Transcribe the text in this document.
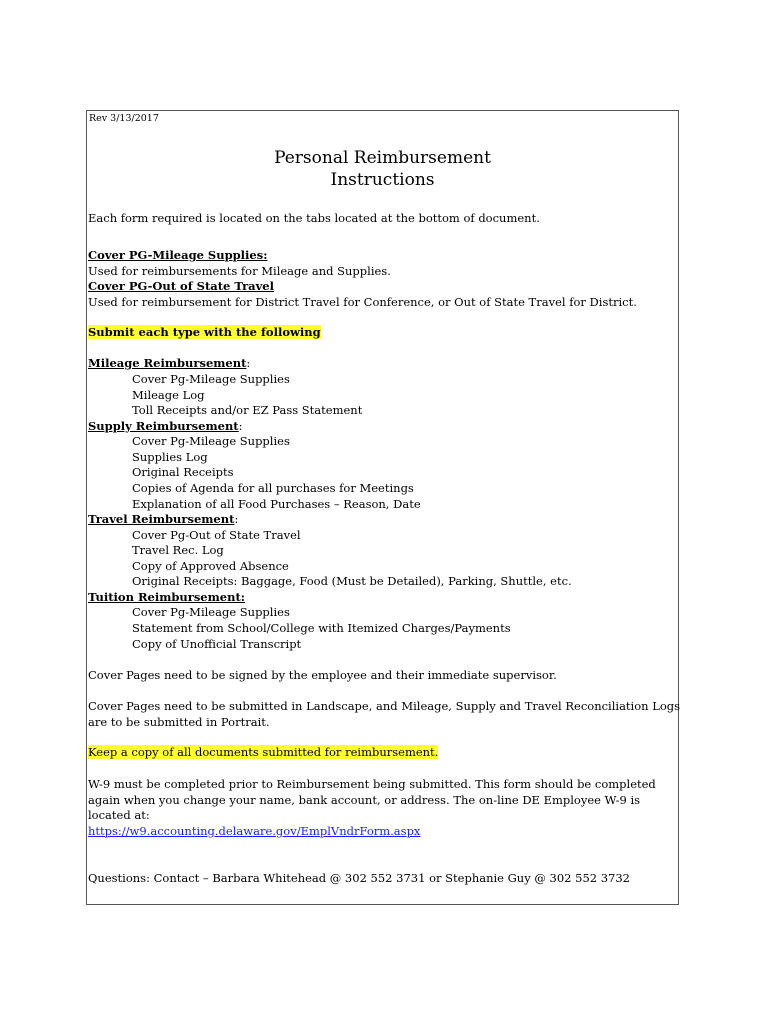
Rev 3/13/2017
Personal Reimbursement
Instructions
Each form required is located on the tabs located at the bottom of document.
Cover PG-Mileage Supplies:
Used for reimbursements for Mileage and Supplies.
Cover PG-Out of State Travel
Used for reimbursement for District Travel for Conference, or Out of State Travel for District.
Submit each type with the following
Mileage Reimbursement:
Cover Pg-Mileage Supplies
Mileage Log
Toll Receipts and/or EZ Pass Statement
Supply Reimbursement:
Cover Pg-Mileage Supplies
Supplies Log
Original Receipts
Copies of Agenda for all purchases for Meetings
Explanation of all Food Purchases – Reason, Date
Travel Reimbursement:
Cover Pg-Out of State Travel
Travel Rec. Log
Copy of Approved Absence
Original Receipts: Baggage, Food (Must be Detailed), Parking, Shuttle, etc.
Tuition Reimbursement:
Cover Pg-Mileage Supplies
Statement from School/College with Itemized Charges/Payments
Copy of Unofficial Transcript
Cover Pages need to be signed by the employee and their immediate supervisor.
Cover Pages need to be submitted in Landscape, and Mileage, Supply and Travel Reconciliation Logs
are to be submitted in Portrait.
Keep a copy of all documents submitted for reimbursement.
W-9 must be completed prior to Reimbursement being submitted. This form should be completed
again when you change your name, bank account, or address. The on-line DE Employee W-9 is
located at:
https://w9.accounting.delaware.gov/EmplVndrForm.aspx
Questions: Contact – Barbara Whitehead @ 302 552 3731 or Stephanie Guy @ 302 552 3732
